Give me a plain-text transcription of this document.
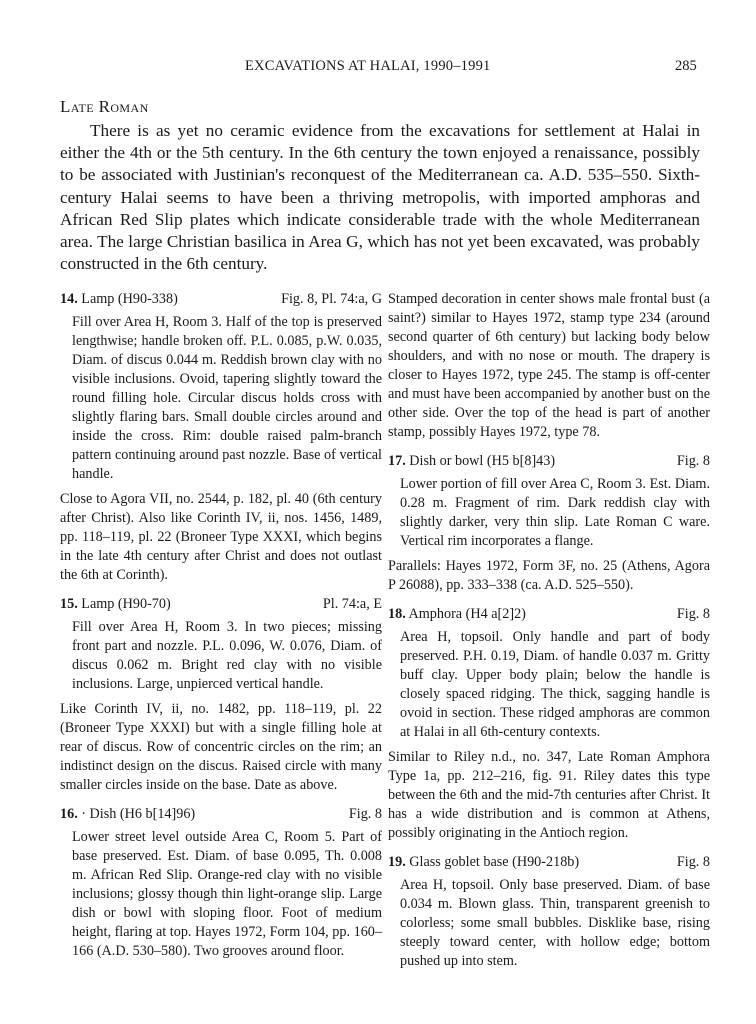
EXCAVATIONS AT HALAI, 1990–1991	285
Late Roman

There is as yet no ceramic evidence from the excavations for settlement at Halai in either the 4th or the 5th century. In the 6th century the town enjoyed a renaissance, possibly to be associated with Justinian's reconquest of the Mediterranean ca. A.D. 535–550. Sixth-century Halai seems to have been a thriving metropolis, with imported amphoras and African Red Slip plates which indicate considerable trade with the whole Mediterranean area. The large Christian basilica in Area G, which has not yet been excavated, was probably constructed in the 6th century.

14. Lamp (H90-338)	Fig. 8, Pl. 74:a, G

Fill over Area H, Room 3. Half of the top is preserved lengthwise; handle broken off. P.L. 0.085, p.W. 0.035, Diam. of discus 0.044 m. Reddish brown clay with no visible inclusions. Ovoid, tapering slightly toward the round filling hole. Circular discus holds cross with slightly flaring bars. Small double circles around and inside the cross. Rim: double raised palm-branch pattern continuing around past nozzle. Base of vertical handle.

Close to Agora VII, no. 2544, p. 182, pl. 40 (6th century after Christ). Also like Corinth IV, ii, nos. 1456, 1489, pp. 118–119, pl. 22 (Broneer Type XXXI, which begins in the late 4th century after Christ and does not outlast the 6th at Corinth).

15. Lamp (H90-70)	Pl. 74:a, E

Fill over Area H, Room 3. In two pieces; missing front part and nozzle. P.L. 0.096, W. 0.076, Diam. of discus 0.062 m. Bright red clay with no visible inclusions. Large, unpierced vertical handle.

Like Corinth IV, ii, no. 1482, pp. 118–119, pl. 22 (Broneer Type XXXI) but with a single filling hole at rear of discus. Row of concentric circles on the rim; an indistinct design on the discus. Raised circle with many smaller circles inside on the base. Date as above.

16. · Dish (H6 b[14]96)	Fig. 8

Lower street level outside Area C, Room 5. Part of base preserved. Est. Diam. of base 0.095, Th. 0.008 m. African Red Slip. Orange-red clay with no visible inclusions; glossy though thin light-orange slip. Large dish or bowl with sloping floor. Foot of medium height, flaring at top. Hayes 1972, Form 104, pp. 160–166 (A.D. 530–580). Two grooves around floor.

Stamped decoration in center shows male frontal bust (a saint?) similar to Hayes 1972, stamp type 234 (around second quarter of 6th century) but lacking body below shoulders, and with no nose or mouth. The drapery is closer to Hayes 1972, type 245. The stamp is off-center and must have been accompanied by another bust on the other side. Over the top of the head is part of another stamp, possibly Hayes 1972, type 78.

17. Dish or bowl (H5 b[8]43)	Fig. 8

Lower portion of fill over Area C, Room 3. Est. Diam. 0.28 m. Fragment of rim. Dark reddish clay with slightly darker, very thin slip. Late Roman C ware. Vertical rim incorporates a flange.

Parallels: Hayes 1972, Form 3F, no. 25 (Athens, Agora P 26088), pp. 333–338 (ca. A.D. 525–550).

18. Amphora (H4 a[2]2)	Fig. 8

Area H, topsoil. Only handle and part of body preserved. P.H. 0.19, Diam. of handle 0.037 m. Gritty buff clay. Upper body plain; below the handle is closely spaced ridging. The thick, sagging handle is ovoid in section. These ridged amphoras are common at Halai in all 6th-century contexts.

Similar to Riley n.d., no. 347, Late Roman Amphora Type 1a, pp. 212–216, fig. 91. Riley dates this type between the 6th and the mid-7th centuries after Christ. It has a wide distribution and is common at Athens, possibly originating in the Antioch region.

19. Glass goblet base (H90-218b)	Fig. 8

Area H, topsoil. Only base preserved. Diam. of base 0.034 m. Blown glass. Thin, transparent greenish to colorless; some small bubbles. Disklike base, rising steeply toward center, with hollow edge; bottom pushed up into stem.
